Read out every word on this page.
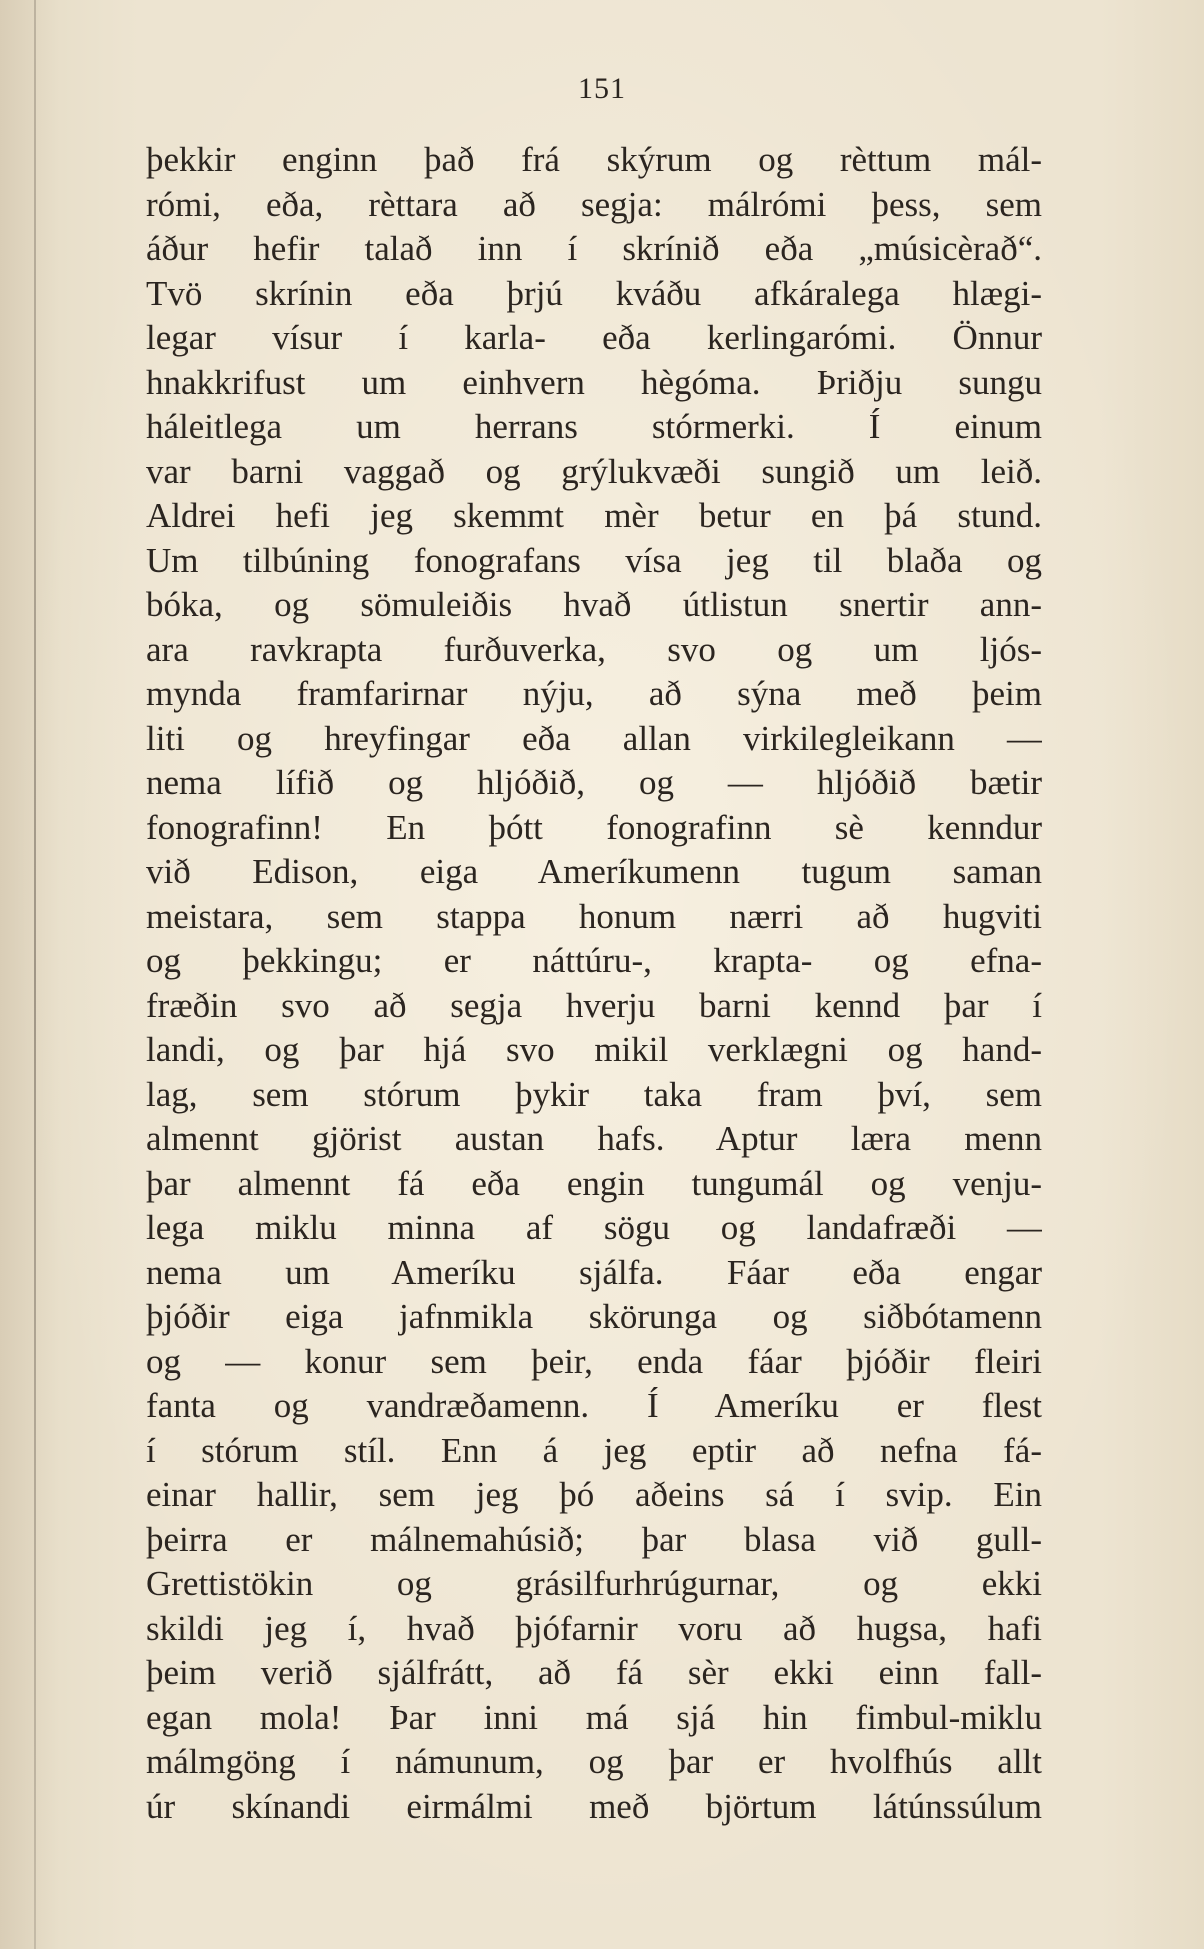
151
þekkir enginn það frá skýrum og rèttum mál-
rómi, eða, rèttara að segja: málrómi þess, sem
áður hefir talað inn í skrínið eða „músicèrað“.
Tvö skrínin eða þrjú kváðu afkáralega hlægi-
legar vísur í karla- eða kerlingarómi. Önnur
hnakkrifust um einhvern hègóma. Þriðju sungu
háleitlega um herrans stórmerki. Í einum
var barni vaggað og grýlukvæði sungið um leið.
Aldrei hefi jeg skemmt mèr betur en þá stund.
Um tilbúning fonografans vísa jeg til blaða og
bóka, og sömuleiðis hvað útlistun snertir ann-
ara ravkrapta furðuverka, svo og um ljós-
mynda framfarirnar nýju, að sýna með þeim
liti og hreyfingar eða allan virkilegleikann —
nema lífið og hljóðið, og — hljóðið bætir
fonografinn! En þótt fonografinn sè kenndur
við Edison, eiga Ameríkumenn tugum saman
meistara, sem stappa honum nærri að hugviti
og þekkingu; er náttúru-, krapta- og efna-
fræðin svo að segja hverju barni kennd þar í
landi, og þar hjá svo mikil verklægni og hand-
lag, sem stórum þykir taka fram því, sem
almennt gjörist austan hafs. Aptur læra menn
þar almennt fá eða engin tungumál og venju-
lega miklu minna af sögu og landafræði —
nema um Ameríku sjálfa. Fáar eða engar
þjóðir eiga jafnmikla skörunga og siðbótamenn
og — konur sem þeir, enda fáar þjóðir fleiri
fanta og vandræðamenn. Í Ameríku er flest
í stórum stíl. Enn á jeg eptir að nefna fá-
einar hallir, sem jeg þó aðeins sá í svip. Ein
þeirra er málnemahúsið; þar blasa við gull-
Grettistökin og grásilfurhrúgurnar, og ekki
skildi jeg í, hvað þjófarnir voru að hugsa, hafi
þeim verið sjálfrátt, að fá sèr ekki einn fall-
egan mola! Þar inni má sjá hin fimbul-miklu
málmgöng í námunum, og þar er hvolfhús allt
úr skínandi eirmálmi með björtum látúnssúlum
